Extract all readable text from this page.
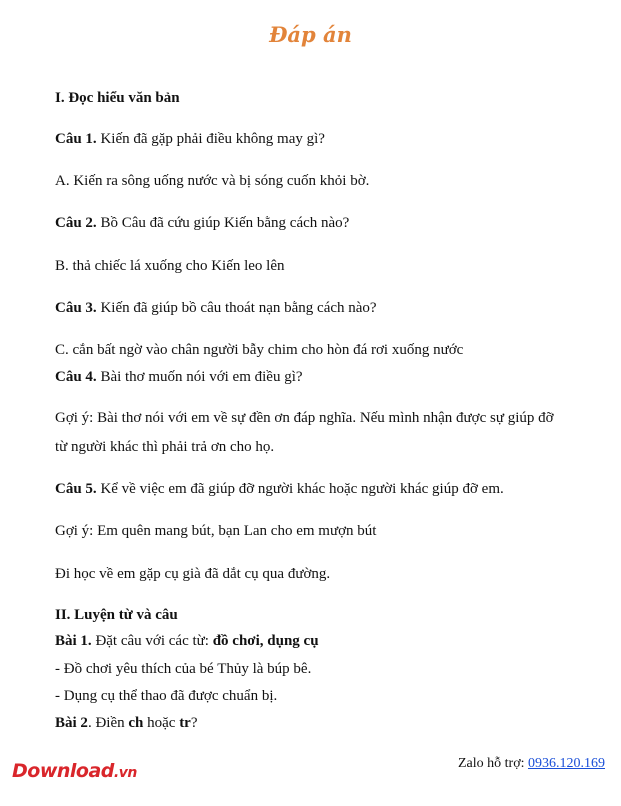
Đáp án
I. Đọc hiểu văn bản
Câu 1. Kiến đã gặp phải điều không may gì?
A. Kiến ra sông uống nước và bị sóng cuốn khỏi bờ.
Câu 2. Bồ Câu đã cứu giúp Kiến bằng cách nào?
B. thả chiếc lá xuống cho Kiến leo lên
Câu 3. Kiến đã giúp bồ câu thoát nạn bằng cách nào?
C. cắn bất ngờ vào chân người bẫy chim cho hòn đá rơi xuống nước
Câu 4. Bài thơ muốn nói với em điều gì?
Gợi ý: Bài thơ nói với em về sự đền ơn đáp nghĩa. Nếu mình nhận được sự giúp đỡ
từ người khác thì phải trả ơn cho họ.
Câu 5. Kể về việc em đã giúp đỡ người khác hoặc người khác giúp đỡ em.
Gợi ý: Em quên mang bút, bạn Lan cho em mượn bút
Đi học về em gặp cụ già đã dắt cụ qua đường.
II. Luyện từ và câu
Bài 1. Đặt câu với các từ: đồ chơi, dụng cụ
- Đồ chơi yêu thích của bé Thủy là búp bê.
- Dụng cụ thể thao đã được chuẩn bị.
Bài 2. Điền ch hoặc tr?
Download.vn
Zalo hỗ trợ: 0936.120.169
